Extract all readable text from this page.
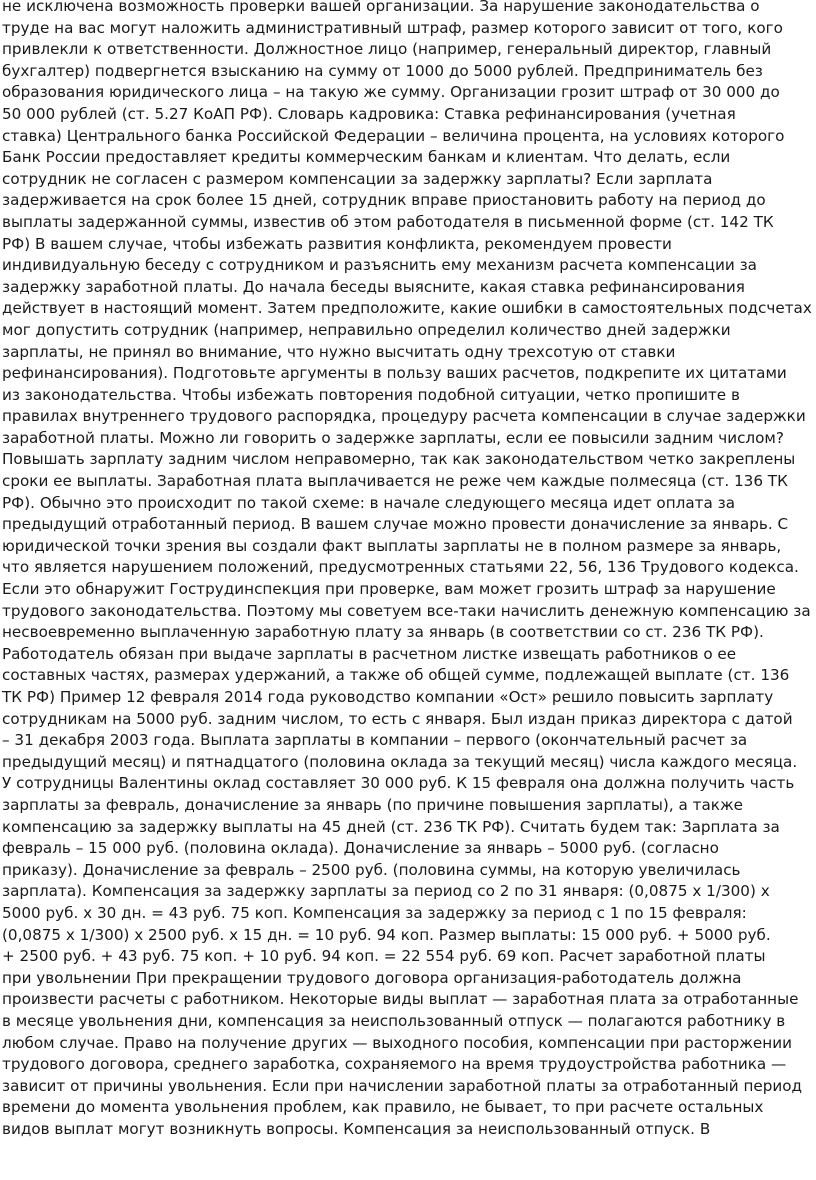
не исключена возможность проверки вашей организации. За нарушение законодательства о
труде на вас могут наложить административный штраф, размер которого зависит от того, кого
привлекли к ответственности. Должностное лицо (например, генеральный директор, главный
бухгалтер) подвергнется взысканию на сумму от 1000 до 5000 рублей. Предприниматель без
образования юридического лица – на такую же сумму. Организации грозит штраф от 30 000 до
50 000 рублей (ст. 5.27 КоАП РФ). Словарь кадровика: Ставка рефинансирования (учетная
ставка) Центрального банка Российской Федерации – величина процента, на условиях которого
Банк России предоставляет кредиты коммерческим банкам и клиентам. Что делать, если
сотрудник не согласен с размером компенсации за задержку зарплаты? Если зарплата
задерживается на срок более 15 дней, сотрудник вправе приостановить работу на период до
выплаты задержанной суммы, известив об этом работодателя в письменной форме (ст. 142 ТК
РФ) В вашем случае, чтобы избежать развития конфликта, рекомендуем провести
индивидуальную беседу с сотрудником и разъяснить ему механизм расчета компенсации за
задержку заработной платы. До начала беседы выясните, какая ставка рефинансирования
действует в настоящий момент. Затем предположите, какие ошибки в самостоятельных подсчетах
мог допустить сотрудник (например, неправильно определил количество дней задержки
зарплаты, не принял во внимание, что нужно высчитать одну трехсотую от ставки
рефинансирования). Подготовьте аргументы в пользу ваших расчетов, подкрепите их цитатами
из законодательства. Чтобы избежать повторения подобной ситуации, четко пропишите в
правилах внутреннего трудового распорядка, процедуру расчета компенсации в случае задержки
заработной платы. Можно ли говорить о задержке зарплаты, если ее повысили задним числом?
Повышать зарплату задним числом неправомерно, так как законодательством четко закреплены
сроки ее выплаты. Заработная плата выплачивается не реже чем каждые полмесяца (ст. 136 ТК
РФ). Обычно это происходит по такой схеме: в начале следующего месяца идет оплата за
предыдущий отработанный период. В вашем случае можно провести доначисление за январь. С
юридической точки зрения вы создали факт выплаты зарплаты не в полном размере за январь,
что является нарушением положений, предусмотренных статьями 22, 56, 136 Трудового кодекса.
Если это обнаружит Гострудинспекция при проверке, вам может грозить штраф за нарушение
трудового законодательства. Поэтому мы советуем все-таки начислить денежную компенсацию за
несвоевременно выплаченную заработную плату за январь (в соответствии со ст. 236 ТК РФ).
Работодатель обязан при выдаче зарплаты в расчетном листке извещать работников о ее
составных частях, размерах удержаний, а также об общей сумме, подлежащей выплате (ст. 136
ТК РФ) Пример 12 февраля 2014 года руководство компании «Ост» решило повысить зарплату
сотрудникам на 5000 руб. задним числом, то есть с января. Был издан приказ директора с датой
– 31 декабря 2003 года. Выплата зарплаты в компании – первого (окончательный расчет за
предыдущий месяц) и пятнадцатого (половина оклада за текущий месяц) числа каждого месяца.
У сотрудницы Валентины оклад составляет 30 000 руб. К 15 февраля она должна получить часть
зарплаты за февраль, доначисление за январь (по причине повышения зарплаты), а также
компенсацию за задержку выплаты на 45 дней (ст. 236 ТК РФ). Считать будем так: Зарплата за
февраль – 15 000 руб. (половина оклада). Доначисление за январь – 5000 руб. (согласно
приказу). Доначисление за февраль – 2500 руб. (половина суммы, на которую увеличилась
зарплата). Компенсация за задержку зарплаты за период со 2 по 31 января: (0,0875 х 1/300) х
5000 руб. х 30 дн. = 43 руб. 75 коп. Компенсация за задержку за период с 1 по 15 февраля:
(0,0875 х 1/300) х 2500 руб. х 15 дн. = 10 руб. 94 коп. Размер выплаты: 15 000 руб. + 5000 руб.
+ 2500 руб. + 43 руб. 75 коп. + 10 руб. 94 коп. = 22 554 руб. 69 коп. Расчет заработной платы
при увольнении При прекращении трудового договора организация-работодатель должна
произвести расчеты с работником. Некоторые виды выплат — заработная плата за отработанные
в месяце увольнения дни, компенсация за неиспользованный отпуск — полагаются работнику в
любом случае. Право на получение других — выходного пособия, компенсации при расторжении
трудового договора, среднего заработка, сохраняемого на время трудоустройства работника —
зависит от причины увольнения. Если при начислении заработной платы за отработанный период
времени до момента увольнения проблем, как правило, не бывает, то при расчете остальных
видов выплат могут возникнуть вопросы. Компенсация за неиспользованный отпуск. В
